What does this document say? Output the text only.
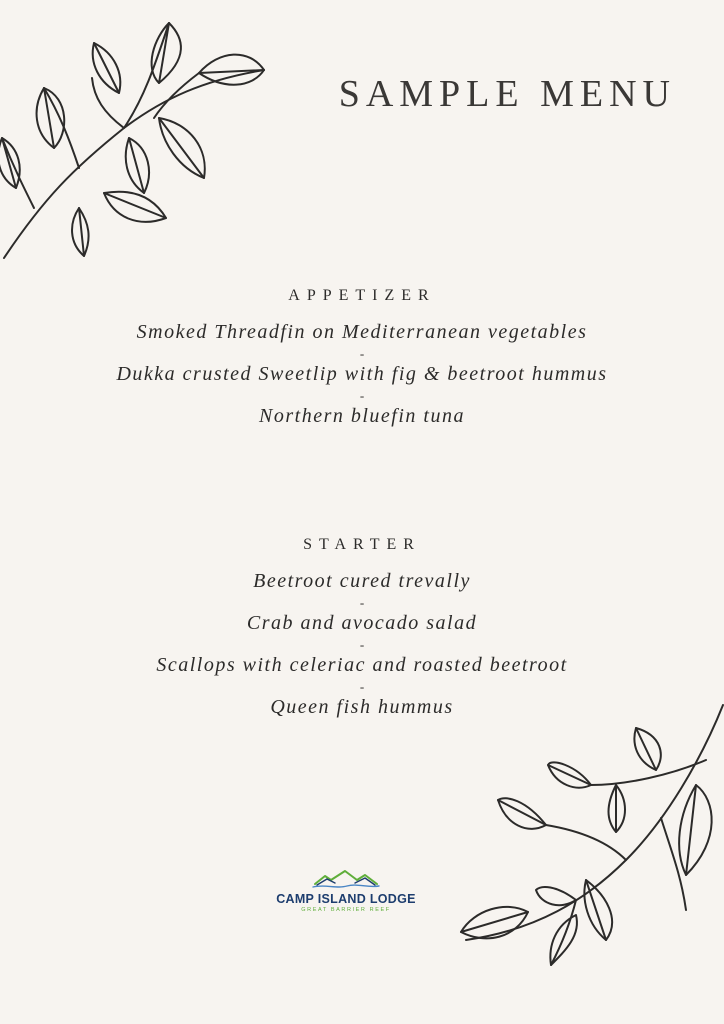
SAMPLE MENU
APPETIZER
Smoked Threadfin on Mediterranean vegetables
-
Dukka crusted Sweetlip with fig & beetroot hummus
-
Northern bluefin tuna
STARTER
Beetroot cured trevally
-
Crab and avocado salad
-
Scallops with celeriac and roasted beetroot
-
Queen fish hummus
CAMP ISLAND LODGE
GREAT BARRIER REEF
